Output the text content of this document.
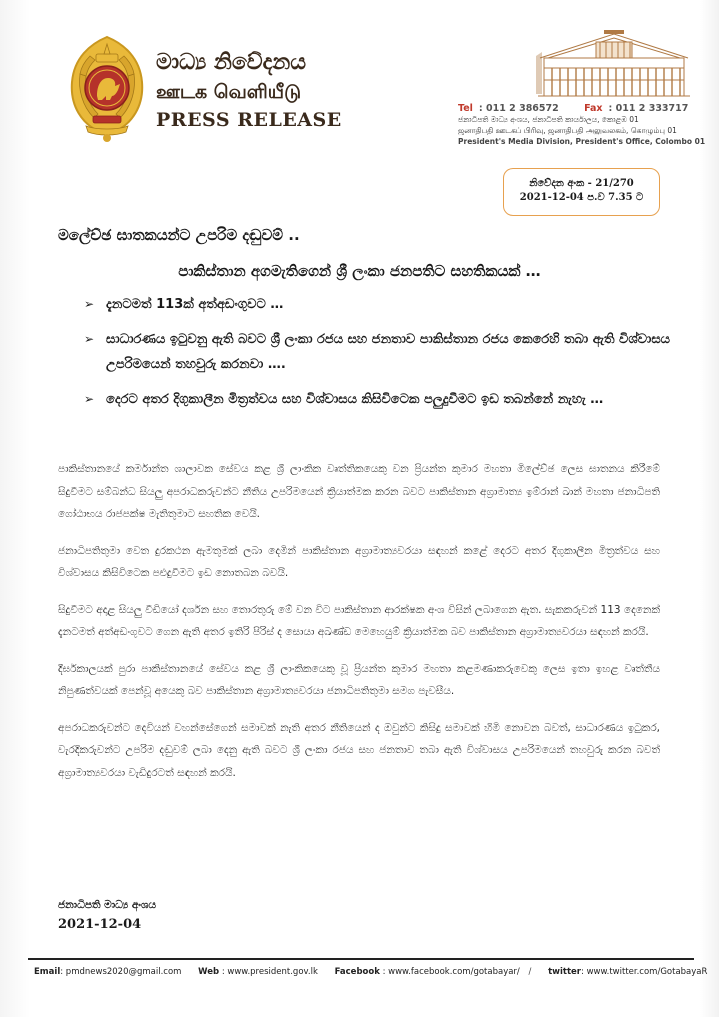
මාධ්‍ය නිවේදනය

ஊடக வெளியீடு

PRESS RELEASE

Tel : 011 2 386572	Fax : 011 2 333717
ජනාධිපති මාධ්‍ය අංශය, ජනාධිපති කාර්යාලය, කොළඹ 01
ஜனாதிபதி ஊடகப் பிரிவு, ஜனாதிபதி அலுவலகம், கொழும்பு 01
President's Media Division, President's Office, Colombo 01
නිවේදන අංක - 21/270
2021-12-04 ප.ව 7.35 ට
මලේච්ඡ ඝාතකයන්ට උපරිම දඬුවම් ..
පාකිස්තාන අගමැතිගෙන් ශ්‍රී ලංකා ජනපතිට සහතිකයක් …
➢ දැනටමත් 113ක් අත්අඩංගුවට …
➢ සාධාරණය ඉටුවනු ඇති බවට ශ්‍රී ලංකා රජය සහ ජනතාව පාකිස්තාන රජය කෙරෙහි තබා ඇති විශ්වාසය උපරිමයෙන් තහවුරු කරනවා ….
➢ දෙරට අතර දිගුකාලීන මිත්‍රත්වය සහ විශ්වාසය කිසිවිටෙක පලුදුවීමට ඉඩ තබන්නේ නැහැ …

පාකිස්තානයේ කර්මාන්ත ශාලාවක සේවය කළ ශ්‍රී ලාංකික වෘත්තිකයෙකු වන ප්‍රියන්ත කුමාර මහතා මිලේච්ඡ ලෙස ඝාතනය කිරීමේ සිදුවීමට සම්බන්ධ සියලු අපරාධකරුවන්ට නීතිය උපරිමයෙන් ක්‍රියාත්මක කරන බවට පාකිස්තාන අග්‍රාමාත්‍ය ඉම්රාන් ඛාන් මහතා ජනාධිපති ගෝඨාභය රාජපක්ෂ මැතිතුමාට සහතික වෙයි.

ජනාධිපතිතුමා වෙත දුරකථන ඇමතුමක් ලබා දෙමින් පාකිස්තාන අග්‍රාමාත්‍යවරයා සඳහන් කළේ දෙරට අතර දිගුකාලීන මිත්‍රත්වය සහ විශ්වාසය කිසිවිටෙක පළුදුවීමට ඉඩ නොතබන බවයි.

සිදුවීමට අදාළ සියලු වීඩියෝ දර්ශන සහ තොරතුරු මේ වන විට පාකිස්තාන ආරක්ෂක අංශ විසින් ලබාගෙන ඇත. සැකකරුවන් 113 දෙනෙක් දැනටමත් අත්අඩංගුවට ගෙන ඇති අතර ඉතිරි පිරිස් ද සොයා අඛණ්ඩ මෙහෙයුම් ක්‍රියාත්මක බව පාකිස්තාන අග්‍රාමාත්‍යවරයා සඳහන් කරයි.

දීර්ඝකාලයක් පුරා පාකිස්තානයේ සේවය කළ ශ්‍රී ලාංකිකයෙකු වූ ප්‍රියන්ත කුමාර මහතා කළමණාකරුවෙකු ලෙස ඉතා ඉහළ වෘත්තීය නිපුණත්වයක් පෙන්වූ අයෙකු බව පාකිස්තාන අග්‍රාමාත්‍යවරයා ජනාධිපතිතුමා සමග පැවසීය.

අපරාධකරුවන්ට දෙවියන් වහන්සේගෙන් සමාවක් නැති අතර නීතියෙන් ද ඔවුන්ට කිසිදු සමාවක් හිමි නොවන බවත්, සාධාරණය ඉටුකර, වැරදිකරුවන්ට උපරිම දඬුවම් ලබා දෙනු ඇති බවට ශ්‍රී ලංකා රජය සහ ජනතාව තබා ඇති විශ්වාසය උපරිමයෙන් තහවුරු කරන බවත් අග්‍රාමාත්‍යවරයා වැඩිදුරටත් සඳහන් කරයි.

ජනාධිපති මාධ්‍ය අංශය
2021-12-04
Email: pmdnews2020@gmail.com Web : www.president.gov.lk Facebook : www.facebook.com/gotabayar/ / twitter: www.twitter.com/GotabayaR
